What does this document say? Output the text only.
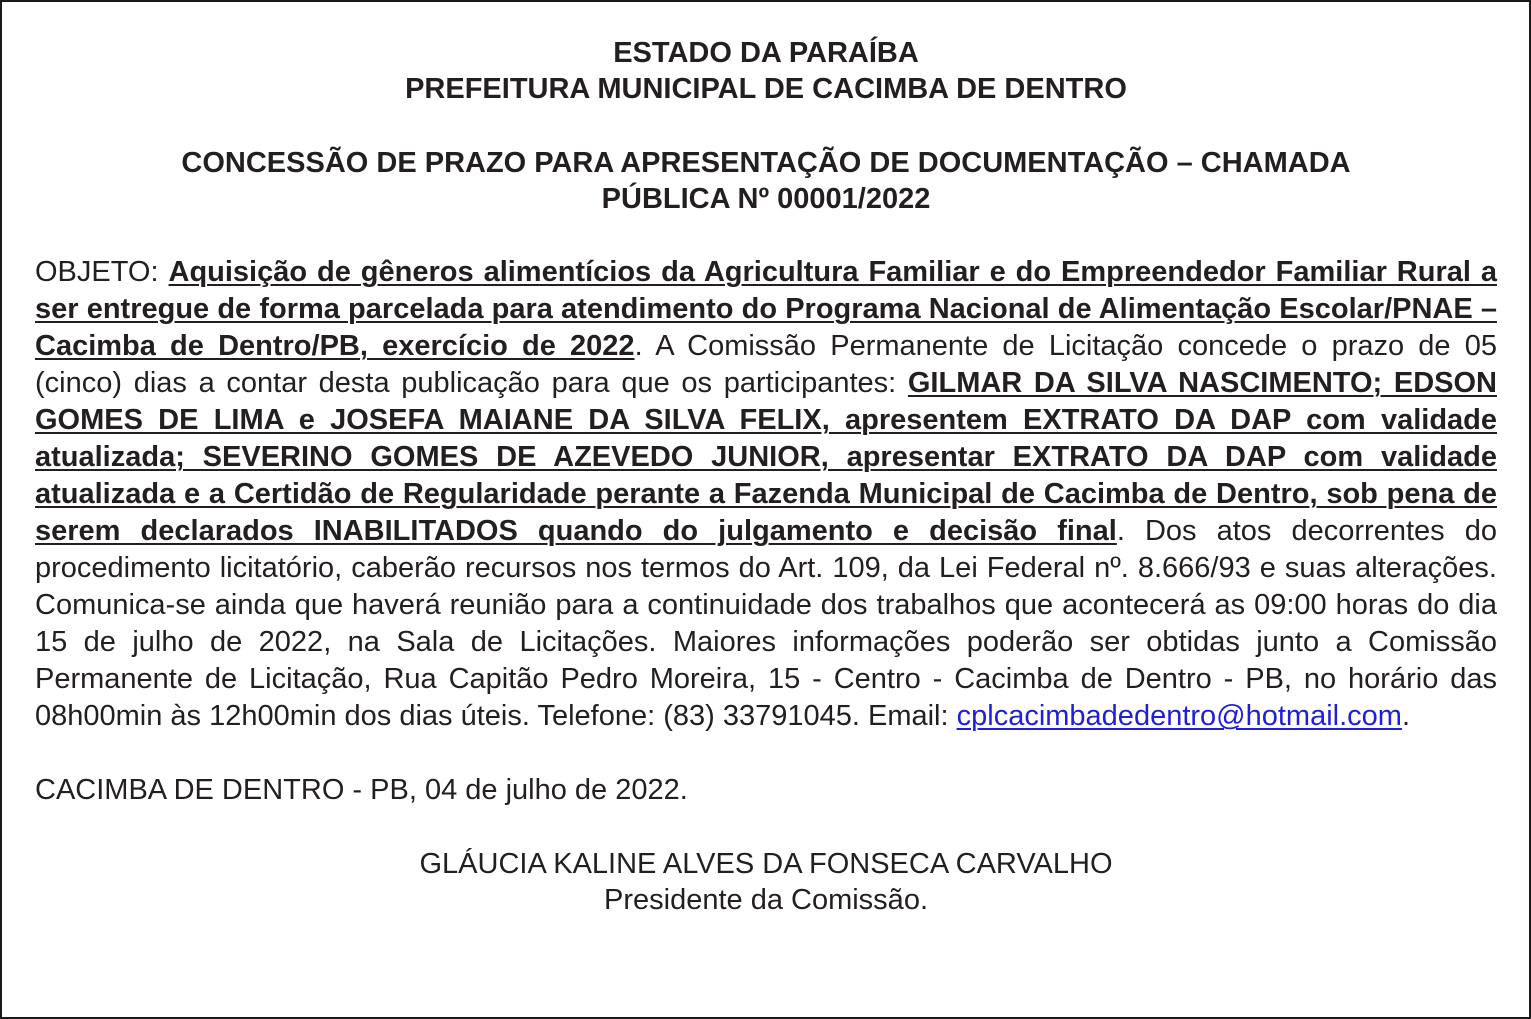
ESTADO DA PARAÍBA
PREFEITURA MUNICIPAL DE CACIMBA DE DENTRO
CONCESSÃO DE PRAZO PARA APRESENTAÇÃO DE DOCUMENTAÇÃO – CHAMADA
PÚBLICA Nº 00001/2022

OBJETO: Aquisição de gêneros alimentícios da Agricultura Familiar e do Empreendedor Familiar Rural a ser entregue de forma parcelada para atendimento do Programa Nacional de Alimentação Escolar/PNAE – Cacimba de Dentro/PB, exercício de 2022. A Comissão Permanente de Licitação concede o prazo de 05 (cinco) dias a contar desta publicação para que os participantes: GILMAR DA SILVA NASCIMENTO; EDSON GOMES DE LIMA e JOSEFA MAIANE DA SILVA FELIX, apresentem EXTRATO DA DAP com validade atualizada; SEVERINO GOMES DE AZEVEDO JUNIOR, apresentar EXTRATO DA DAP com validade atualizada e a Certidão de Regularidade perante a Fazenda Municipal de Cacimba de Dentro, sob pena de serem declarados INABILITADOS quando do julgamento e decisão final. Dos atos decorrentes do procedimento licitatório, caberão recursos nos termos do Art. 109, da Lei Federal nº. 8.666/93 e suas alterações. Comunica-se ainda que haverá reunião para a continuidade dos trabalhos que acontecerá as 09:00 horas do dia 15 de julho de 2022, na Sala de Licitações. Maiores informações poderão ser obtidas junto a Comissão Permanente de Licitação, Rua Capitão Pedro Moreira, 15 - Centro - Cacimba de Dentro - PB, no horário das 08h00min às 12h00min dos dias úteis. Telefone: (83) 33791045. Email: cplcacimbadedentro@hotmail.com.

CACIMBA DE DENTRO - PB, 04 de julho de 2022.

GLÁUCIA KALINE ALVES DA FONSECA CARVALHO
Presidente da Comissão.
